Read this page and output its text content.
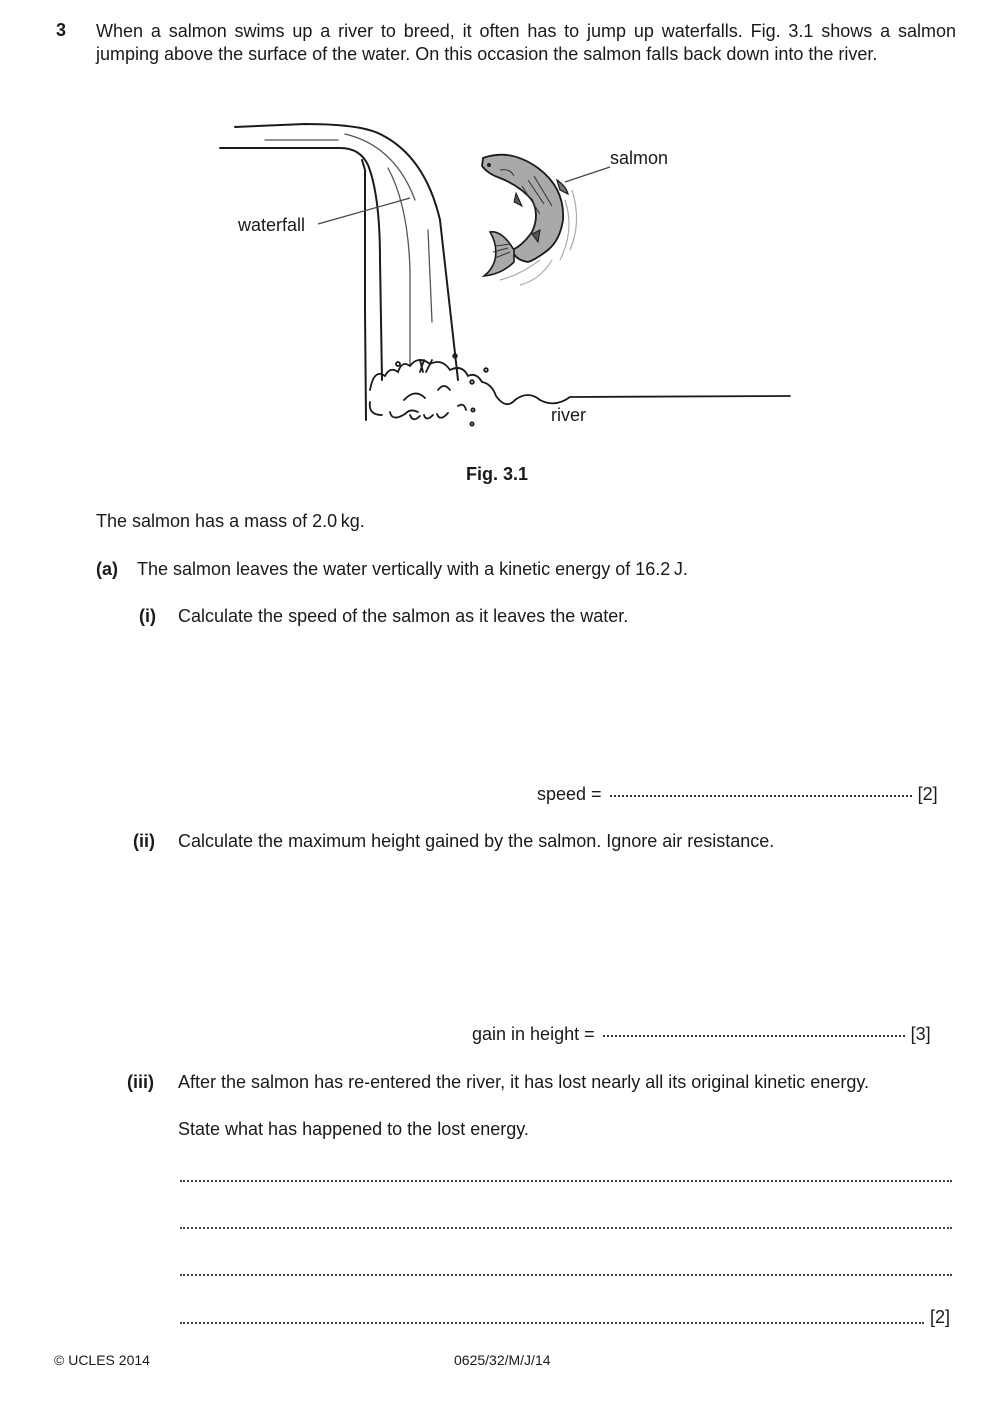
3 When a salmon swims up a river to breed, it often has to jump up waterfalls. Fig. 3.1 shows a salmon jumping above the surface of the water. On this occasion the salmon falls back down into the river.
waterfall
river
salmon
Fig. 3.1
The salmon has a mass of 2.0 kg.
(a) The salmon leaves the water vertically with a kinetic energy of 16.2 J.
(i) Calculate the speed of the salmon as it leaves the water.
speed =	[2]
(ii) Calculate the maximum height gained by the salmon. Ignore air resistance.
gain in height =	[3]
(iii) After the salmon has re-entered the river, it has lost nearly all its original kinetic energy.
State what has happened to the lost energy.
[2]
© UCLES 2014	0625/32/M/J/14
